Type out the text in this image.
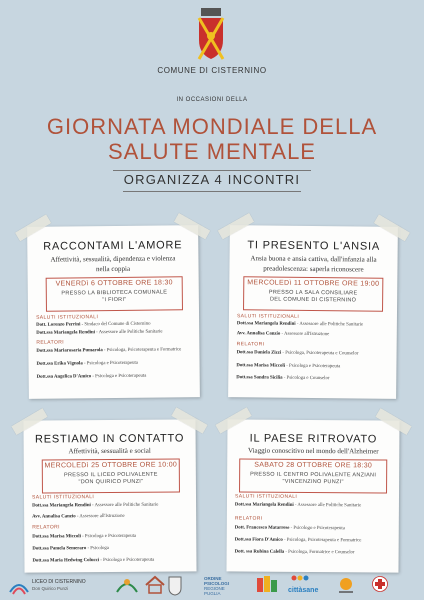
COMUNE DI CISTERNINO
IN OCCASIONI DELLA
GIORNATA MONDIALE DELLA
SALUTE MENTALE
ORGANIZZA 4 INCONTRI
RACCONTAMI L'AMORE
Affettività, sessualità, dipendenza e violenza
nella coppia
VENERDì 6 OTTOBRE ORE 18:30
PRESSO LA BIBLIOTECA COMUNALE
"I FIORI"
SALUTI ISTITUZIONALI
Dott. Lorenzo Perrini - Sindaco del Comune di Cisternino
Dott.ssa Mariangela Rendini - Assessore alle Politiche Sanitarie
RELATORI
Dott.ssa Mariarosaria Pumarola - Psicologa, Psicoterapeuta e Formatrice
Dott.ssa Erika Vignola - Psicologa e Psicoterapeuta
Dott.ssa Angelica D'Amico - Psicologa e Psicoterapeuta
TI PRESENTO L'ANSIA
Ansia buona e ansia cattiva, dall'infanzia alla
preadolescenza: saperla riconoscere
MERCOLEDì 11 OTTOBRE ORE 19:00
PRESSO LA SALA CONSILIARE
DEL COMUNE DI CISTERNINO
SALUTI ISTITUZIONALI
Dott.ssa Mariangela Rendini - Assessore alle Politiche Sanitarie
Avv. Annalisa Canzio - Assessore all'Istruzione
RELATORI
Dott.ssa Daniela Zizzi - Psicologa, Psicoterapeuta e Counselor
Dott.ssa Marisa Miccoli - Psicologa e Psicoterapeuta
Dott.ssa Sandra Sicilia - Psicologa e Counselor
RESTIAMO IN CONTATTO
Affettività, sessualità e social
MERCOLEDì 25 OTTOBRE ORE 10:00
PRESSO IL LICEO POLIVALENTE
"DON QUIRICO PUNZI"
SALUTI ISTITUZIONALI
Dott.ssa Mariangela Rendini - Assessore alle Politiche Sanitarie
Avv. Annalisa Canzio - Assessore all'Istruzione
RELATORI
Dott.ssa Marisa Miccoli - Psicologa e Psicoterapeuta
Dott.ssa Pamela Semeraro - Psicologa
Dott.ssa Maria Hedwing Colucci - Psicologa e Psicoterapeuta
IL PAESE RITROVATO
Viaggio conoscitivo nel mondo dell'Alzheimer
SABATO 28 OTTOBRE ORE 18:30
PRESSO IL CENTRO POLIVALENTE ANZIANI
"VINCENZINO PUNZI"
SALUTI ISTITUZIONALI
Dott.ssa Mariangela Rendini - Assessore alle Politiche Sanitarie
RELATORI
Dott. Francesco Matarrese - Psicologo e Psicoterapeuta
Dott.ssa Fiora D'Amico - Psicologa, Psicoterapeuta e Formatrice
Dott. ssa Rubina Calella - Psicologa, Formatrice e Counselor
LICEO DI CISTERNINO
Don Quirico Punzi
ORDINE
PSICOLOGI
REGIONE
PUGLIA	cittàsane
